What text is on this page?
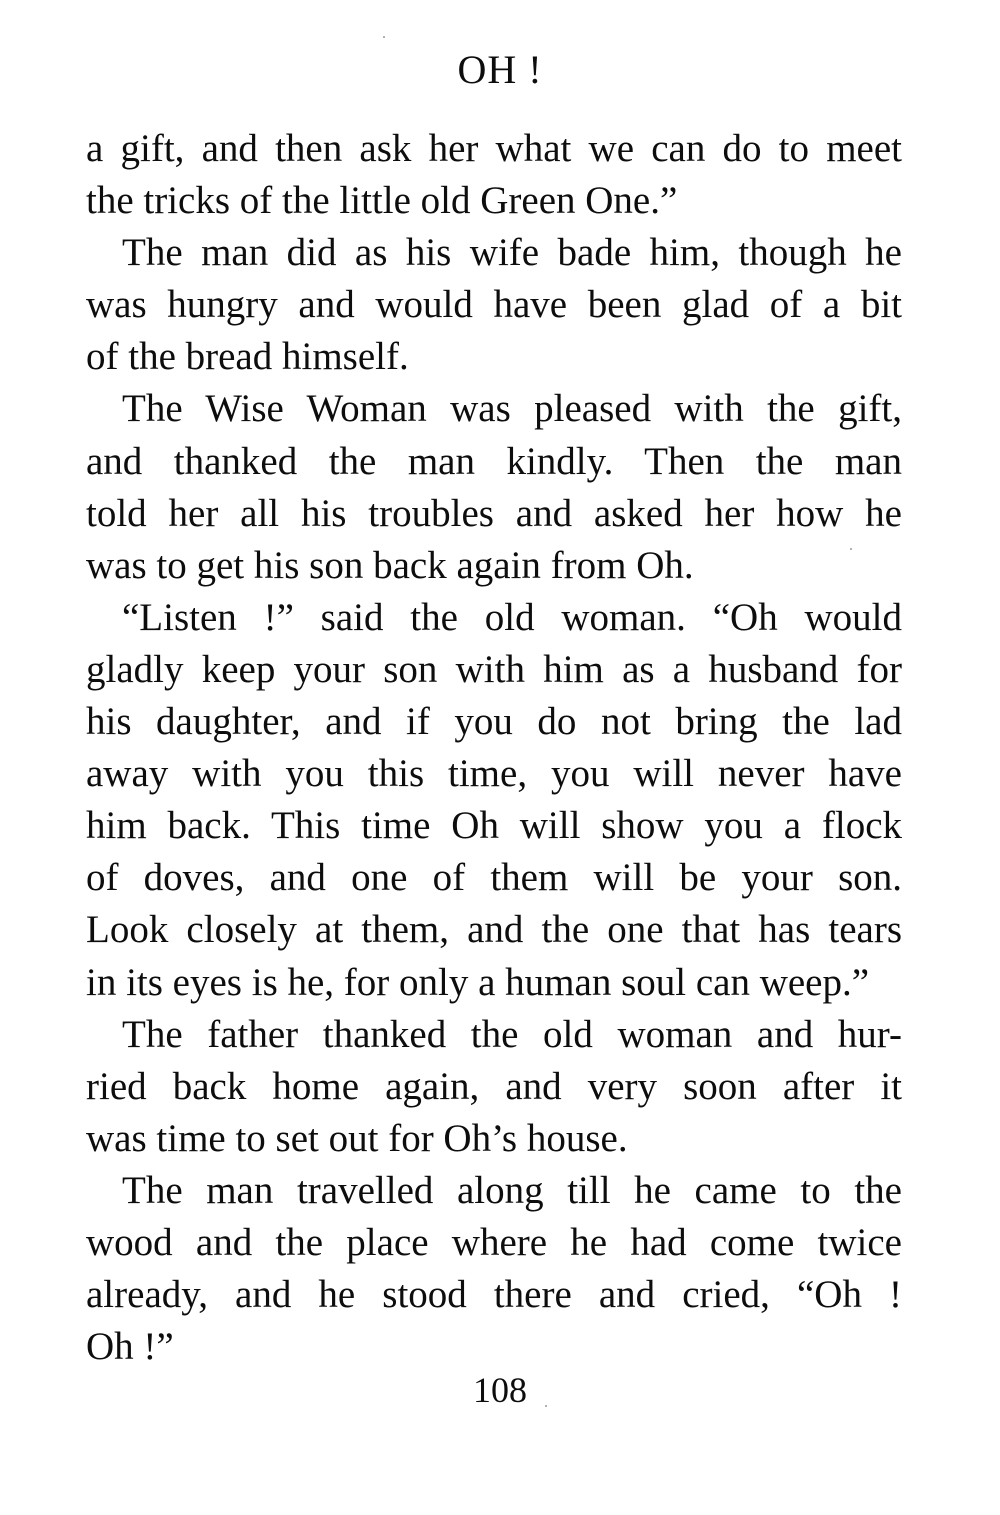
OH !
a gift, and then ask her what we can do to meet
the tricks of the little old Green One.”
The man did as his wife bade him, though he
was hungry and would have been glad of a bit
of the bread himself.
The Wise Woman was pleased with the gift,
and thanked the man kindly. Then the man
told her all his troubles and asked her how he
was to get his son back again from Oh.
“Listen !” said the old woman. “Oh would
gladly keep your son with him as a husband for
his daughter, and if you do not bring the lad
away with you this time, you will never have
him back. This time Oh will show you a flock
of doves, and one of them will be your son.
Look closely at them, and the one that has tears
in its eyes is he, for only a human soul can weep.”
The father thanked the old woman and hur-
ried back home again, and very soon after it
was time to set out for Oh’s house.
The man travelled along till he came to the
wood and the place where he had come twice
already, and he stood there and cried, “Oh !
Oh !”
108
